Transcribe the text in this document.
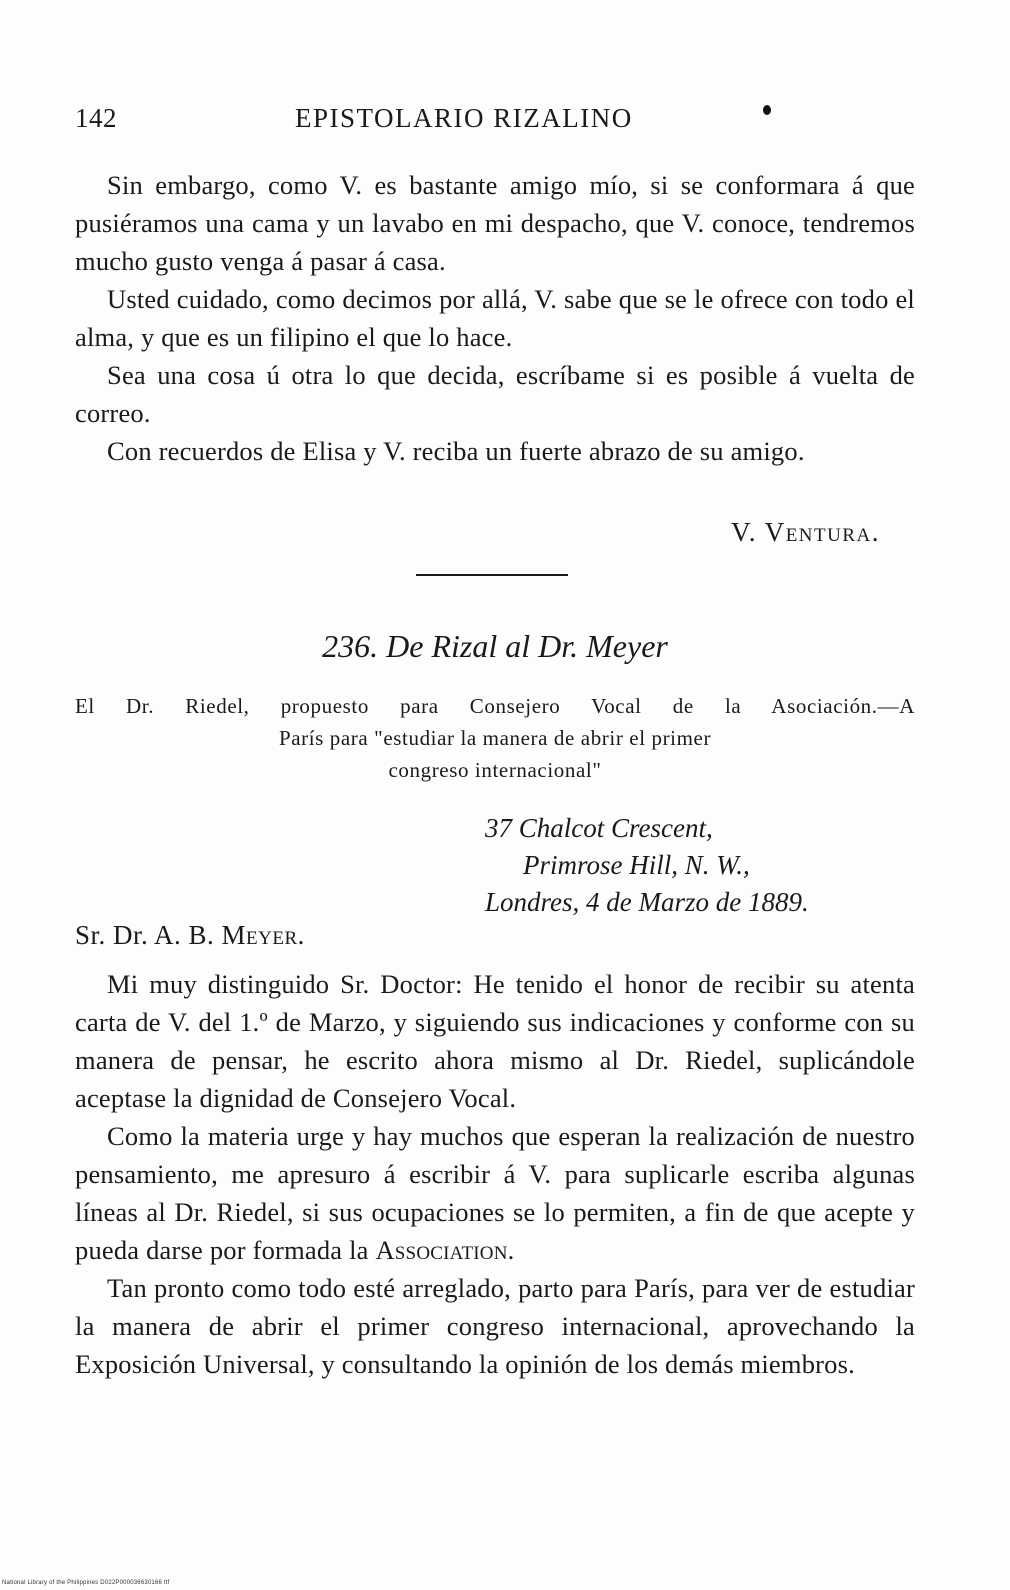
142	EPISTOLARIO RIZALINO

Sin embargo, como V. es bastante amigo mío, si se conformara á que pusiéramos una cama y un lavabo en mi despacho, que V. conoce, tendremos mucho gusto venga á pasar á casa.

Usted cuidado, como decimos por allá, V. sabe que se le ofrece con todo el alma, y que es un filipino el que lo hace.

Sea una cosa ú otra lo que decida, escríbame si es posible á vuelta de correo.

Con recuerdos de Elisa y V. reciba un fuerte abrazo de su amigo.

V. Ventura.
236. De Rizal al Dr. Meyer
El Dr. Riedel, propuesto para Consejero Vocal de la Asociación.—A
París para "estudiar la manera de abrir el primer
congreso internacional"
37 Chalcot Crescent,
Primrose Hill, N. W.,
Londres, 4 de Marzo de 1889.
Sr. Dr. A. B. Meyer.

Mi muy distinguido Sr. Doctor: He tenido el honor de recibir su atenta carta de V. del 1.º de Marzo, y siguiendo sus indicaciones y conforme con su manera de pensar, he escrito ahora mismo al Dr. Riedel, suplicándole aceptase la dignidad de Consejero Vocal.

Como la materia urge y hay muchos que esperan la realización de nuestro pensamiento, me apresuro á escribir á V. para suplicarle escriba algunas líneas al Dr. Riedel, si sus ocupaciones se lo permiten, a fin de que acepte y pueda darse por formada la Association.

Tan pronto como todo esté arreglado, parto para París, para ver de estudiar la manera de abrir el primer congreso internacional, aprovechando la Exposición Universal, y consultando la opinión de los demás miembros.

National Library of the Philippines D022P000036630166 ttf
